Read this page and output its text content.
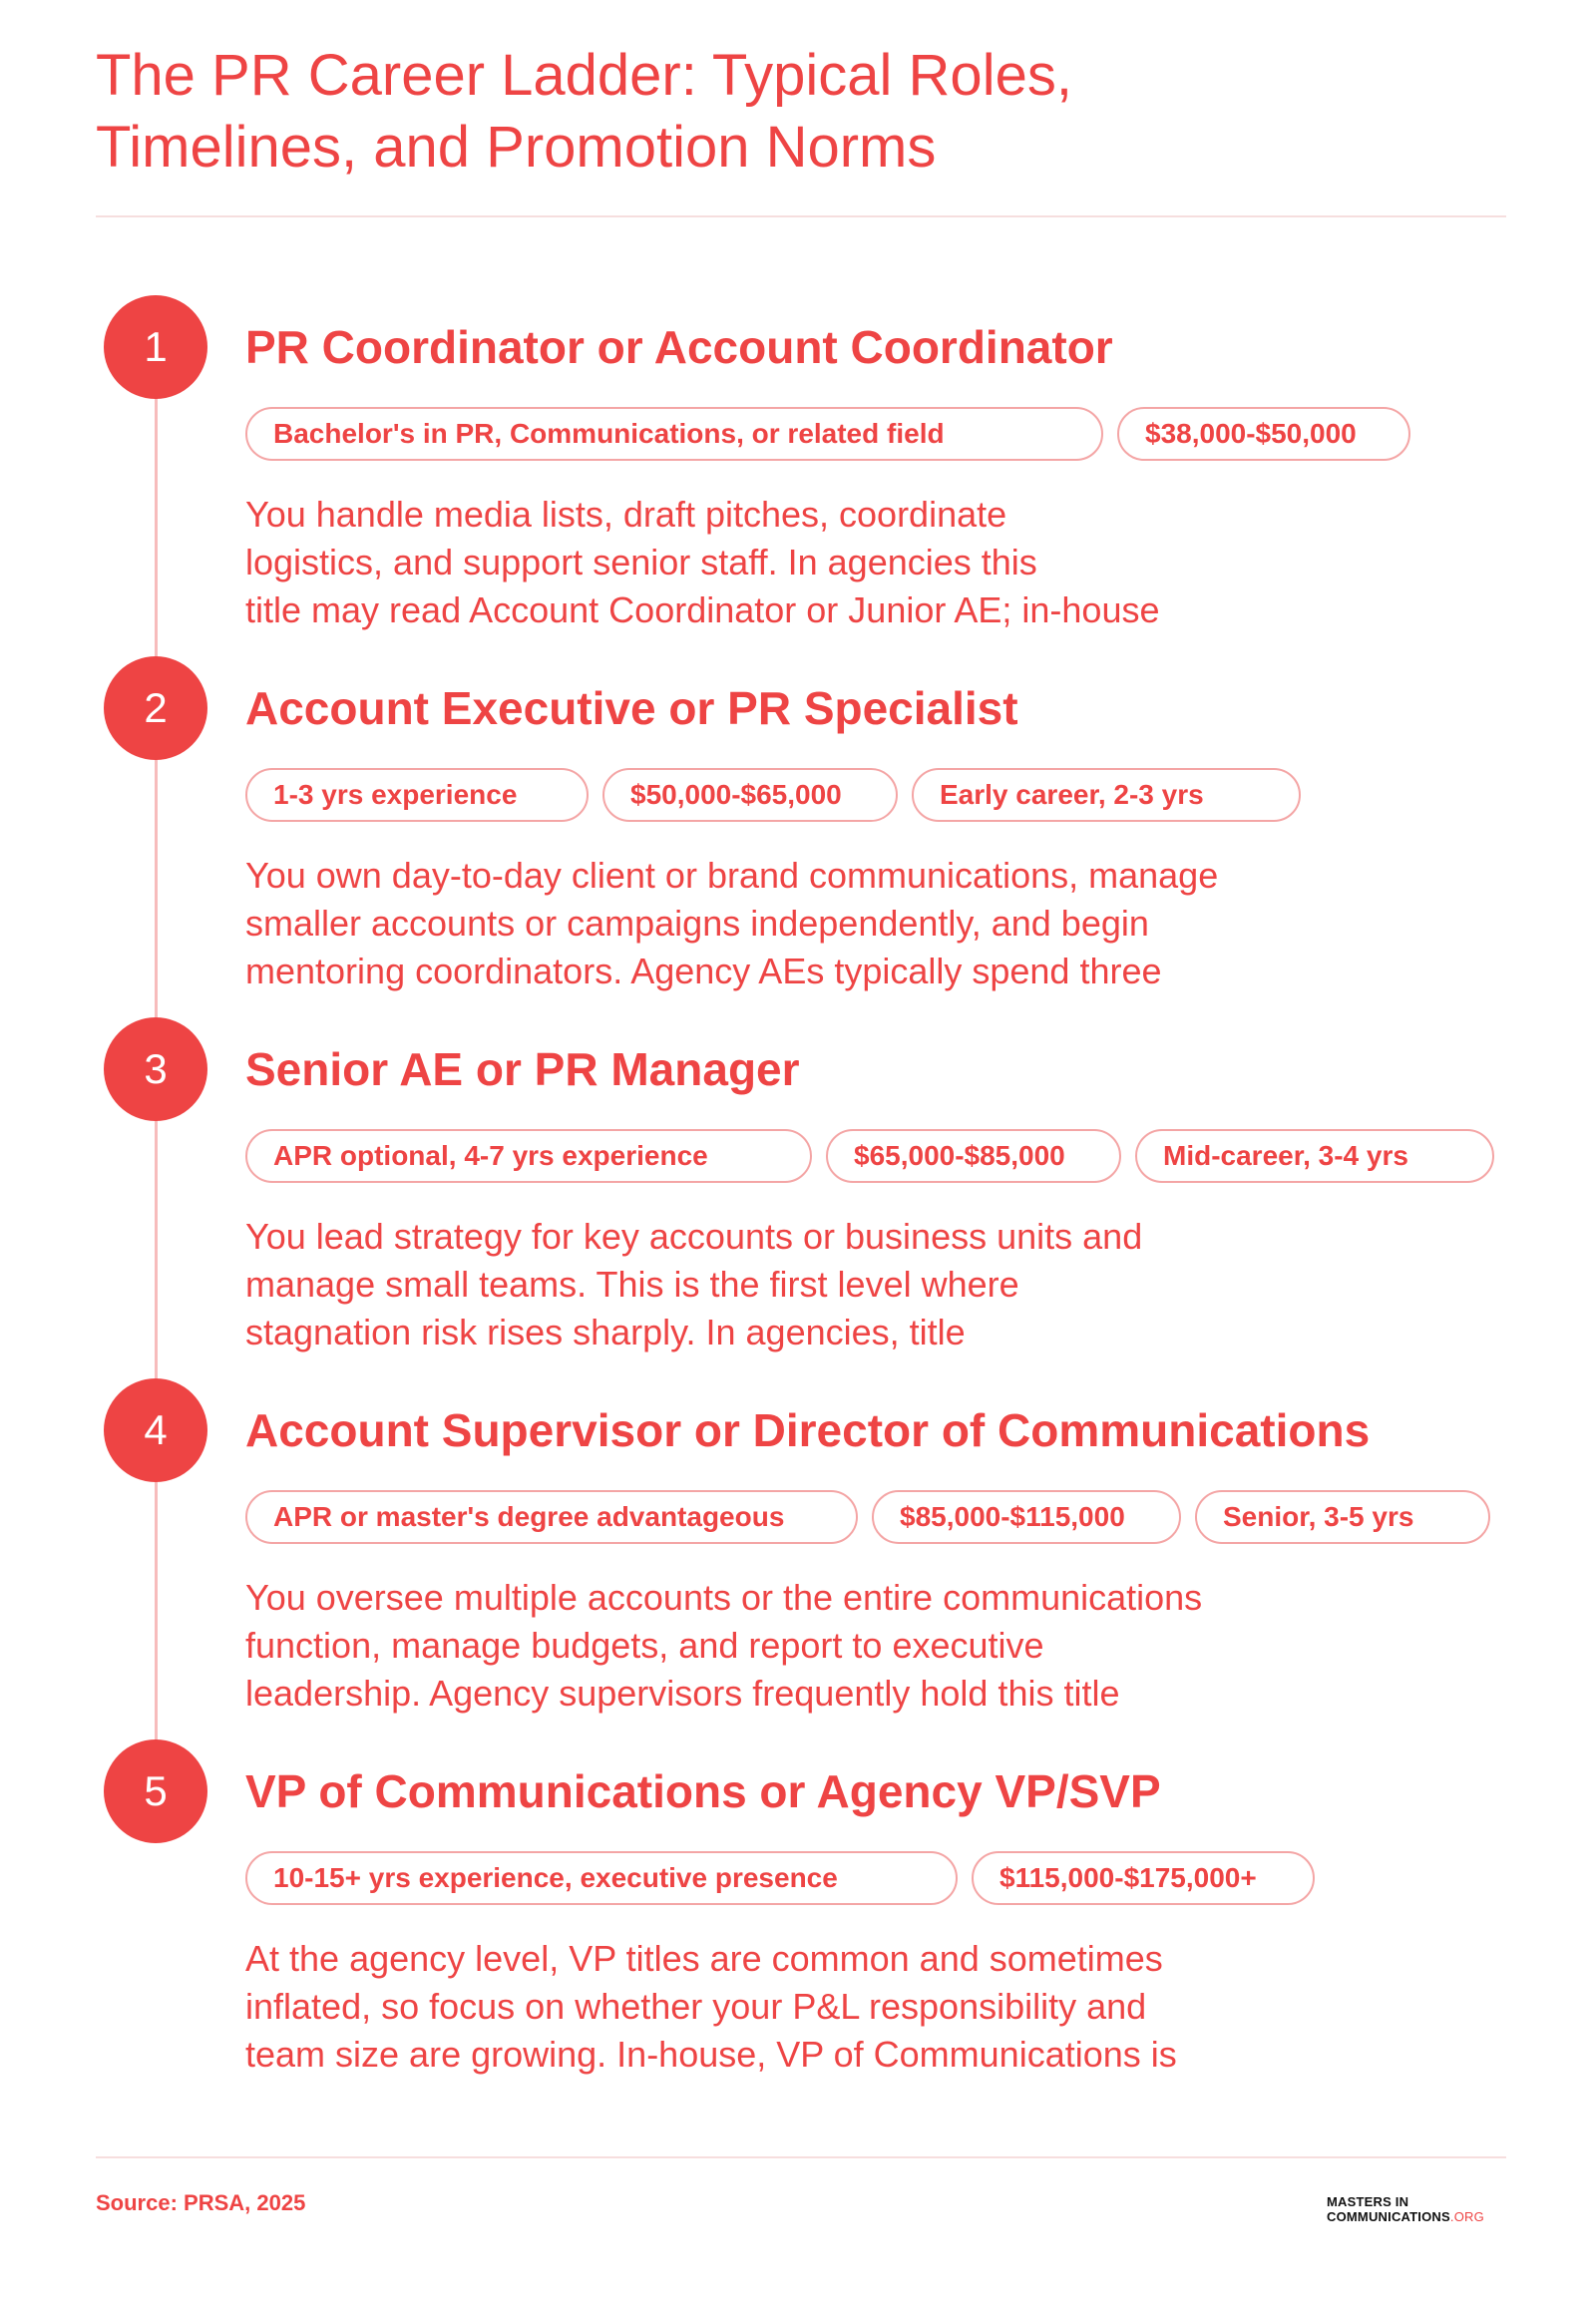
The PR Career Ladder: Typical Roles,
Timelines, and Promotion Norms
1	PR Coordinator or Account Coordinator
Bachelor's in PR, Communications, or related field	$38,000-$50,000

You handle media lists, draft pitches, coordinate
logistics, and support senior staff. In agencies this
title may read Account Coordinator or Junior AE; in-house

2	Account Executive or PR Specialist
1-3 yrs experience	$50,000-$65,000	Early career, 2-3 yrs

You own day-to-day client or brand communications, manage
smaller accounts or campaigns independently, and begin
mentoring coordinators. Agency AEs typically spend three

3	Senior AE or PR Manager
APR optional, 4-7 yrs experience	$65,000-$85,000	Mid-career, 3-4 yrs

You lead strategy for key accounts or business units and
manage small teams. This is the first level where
stagnation risk rises sharply. In agencies, title

4	Account Supervisor or Director of Communications
APR or master's degree advantageous	$85,000-$115,000	Senior, 3-5 yrs

You oversee multiple accounts or the entire communications
function, manage budgets, and report to executive
leadership. Agency supervisors frequently hold this title

5	VP of Communications or Agency VP/SVP
10-15+ yrs experience, executive presence	$115,000-$175,000+

At the agency level, VP titles are common and sometimes
inflated, so focus on whether your P&L responsibility and
team size are growing. In-house, VP of Communications is

Source: PRSA, 2025	MASTERS IN
COMMUNICATIONS.ORG
